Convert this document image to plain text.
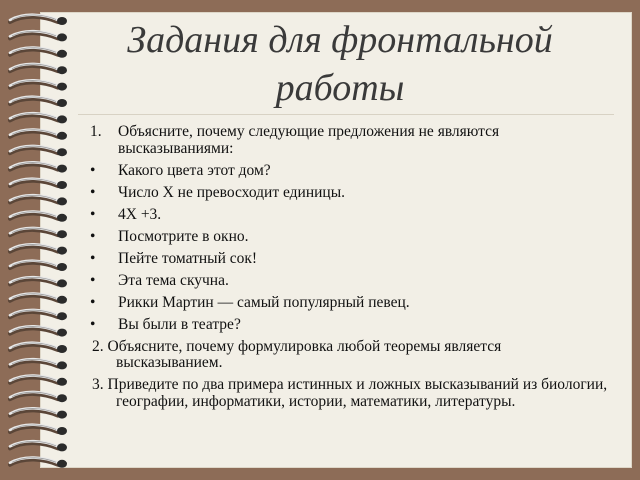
Задания для фронтальной работы
1. Объясните, почему следующие предложения не являются высказываниями:
• Какого цвета этот дом?
• Число Х не превосходит единицы.
• 4Х +3.
• Посмотрите в окно.
• Пейте томатный сок!
• Эта тема скучна.
• Рикки Мартин — самый популярный певец.
• Вы были в театре?
2. Объясните, почему формулировка любой теоремы является высказыванием.
3. Приведите по два примера истинных и ложных высказываний из биологии, географии, информатики, истории, математики, литературы.
